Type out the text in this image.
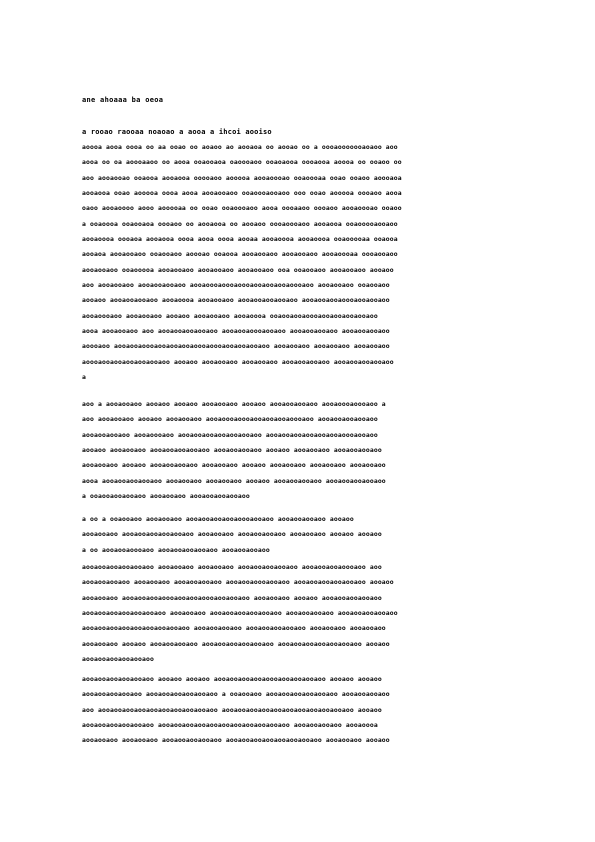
ane ahoaaa ba oeoa
a rooao raooaa noaoao a aooa a ihcoi aooiso
aoooa aooa oooa oo aa ooao oo aoaoo ao aooaoa oo aooao oo a oooaooooooaoaoo aoo
aooa oo oa aoooaaoo oo aooa ooaooaoa oaoooaoo ooaoaooa oooaooa aoooa oo ooaoo oo
aoo aooaooao ooaooa aooaooa ooooaoo aooooa aooaoooao ooaoooaa ooao ooaoo aoooaoa
aooaooa ooao aooooa oooa aooa aooaooaoo ooaoooaooaoo ooo ooao aooooa oooaoo aooa
oaoo aooaoooo aooo aooooaa oo ooao ooaoooaoo aooa oooaaoo oooaoo aooaoooao ooaoo
a ooaoooa ooaooaoa oooaoo oo aooaooa oo aooaoo oooaoooaoo aooaooa ooaooooaooaoo
aooaoooa oooaoa aooaooa oooa aooa oooa aooaa aooaoooa aooaoooa ooaooooaa ooaooa
aooaoa aooaooaoo ooaooaoo aoooao ooaooa aooaooaoo aooaooaoo aooaoooaa oooaooaoo
aooaooaoo ooaooooa aooaooaoo aooaooaoo aooaooaoo ooa ooaooaoo aooaooaoo aooaoo
aoo aooaooaoo aooaooaooaoo aooaoooaoooaoooaooaooaooaoooaoo aooaooaoo ooaooaoo
aooaoo aooaooaooaoo aooaoooa aooaooaoo aooaooaooaooaoo aooaooaooaoooaooaooaoo
aooaoooaoo aooaooaoo aooaoo aooaooaoo aooaoooa ooaooaooaoooaooaooaooaooaoo
aooa aooaooaoo aoo aooaooaooaooaoo aooaooaoooaooaoo aooaooaooaoo aooaooaooaoo
aoooaoo aooaooaoooaooaooaooaoooaoooaooaooaooaoo aooaooaoo aooaooaoo aooaooaoo
aoooaooaooaooaooaooaoo aooaoo aooaooaoo aooaooaoo aooaooaooaoo aooaooaooaooaoo
a
aoo a aooaooaoo aooaoo aooaoo aooaooaoo aooaoo aooaooaooaoo aooaoooaoooaoo a
aoo aooaooaoo aooaoo aooaooaoo aooaoooaoooaooaooaooaoooaoo aooaooaooaooaoo
aooaooaooaoo aooaoooaoo aooaooaooaooaooaooaoo aooaooaooaooaooaooaoooaooaoo
aooaoo aooaooaoo aooaooaooaooaoo aooaooaooaoo aooaoo aooaooaoo aooaooaooaoo
aooaooaoo aooaoo aooaooaooaoo aooaooaoo aooaoo aooaooaoo aooaooaoo aooaooaoo
aooa aooaooaooaooaoo aooaooaoo aooaooaoo aooaoo aooaooaooaoo aooaooaooaooaoo
a ooaooaooaooaoo aooaooaoo aooaooaooaooaoo
a oo a ooaooaoo aooaooaoo aooaooaooaooaoooaooaoo aooaooaooaoo aooaoo
aooaooaoo aooaooaooaooaooaoo aooaooaoo aooaooaooaoo aooaooaoo aooaoo aooaoo
a oo aooaooaoooaoo aooaooaooaooaoo aooaooaooaoo
aooaooaooaooaooaoo aooaooaoo aooaooaoo aooaooaooaooaoo aooaooaooaoooaoo aoo
aooaooaooaoo aooaooaoo aooaooaooaoo aooaooaoooaooaoo aooaooaooaooaooaoo aooaoo
aooaooaoo aooaooaooaoooaooaooaoooaooaooaoo aooaooaoo aooaoo aooaooaooaooaoo
aooaooaooaooaooaooaoo aooaooaoo aooaooaooaooaooaoo aooaooaooaoo aooaooaooaooaoo
aooaooaooaooaooaooaooaooaoo aooaooaooaoo aooaooaooaooaoo aooaooaoo aooaooaoo
aooaooaoo aooaoo aooaooaooaoo aooaooaooaooaooaoo aooaooaooaooaooaooaoo aooaoo
aooaooaooaooaooaoo
aooaooaooaooaooaoo aooaoo aooaoo aooaooaooaooaoooaooaooaooaoo aooaoo aooaoo
aooaooaooaooaoo aooaooaooaooaooaoo a ooaooaoo aooaooaooaooaooaoo aooaooaooaoo
aoo aooaooaooaooaooaooaooaooaooaoo aooaooaooaooaooaooaooaooaooaooaoo aooaoo
aooaooaooaooaooaoo aooaooaooaooaooaooaooaooaooaooaoo aooaooaooaoo aooaoooa
aooaooaoo aooaooaoo aooaooaooaooaoo aooaooaooaooaooaooaooaoo aooaooaoo aooaoo
